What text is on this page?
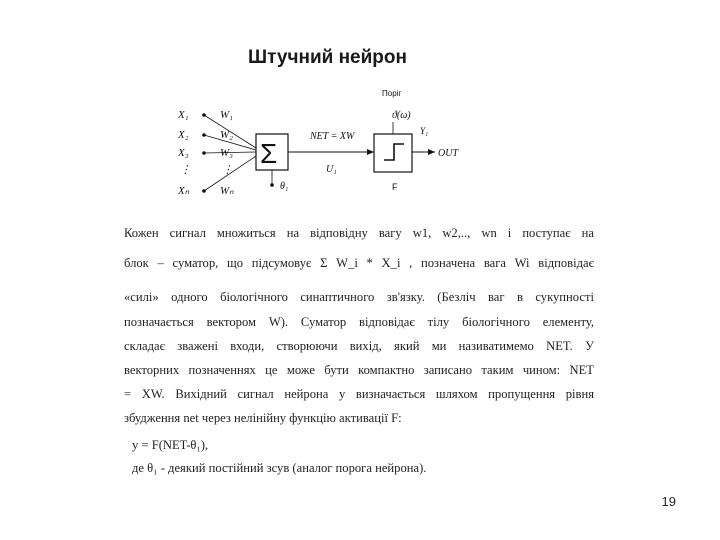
Штучний нейрон
Поріг
ϑ(ω)
X₁
X₂
X₃
⋮
Xₙ
W₁
W₂
W₃
⋮
Wₙ
Σ
θ₁
NET = XW
U₁
F
Y₁
OUT
Кожен сигнал множиться на відповідну вагу w1, w2,.., wn і поступає на
блок – суматор, що підсумовує Σ W_i * X_i , позначена вага Wi відповідає
«силі» одного біологічного синаптичного зв'язку. (Безліч ваг в сукупності
позначається вектором W). Суматор відповідає тілу біологічного елементу,
складає зважені входи, створюючи вихід, який ми називатимемо NET. У
векторних позначеннях це може бути компактно записано таким чином: NET
= XW. Вихідний сигнал нейрона у визначається шляхом пропущення рівня
збудження net через нелінійну функцію активації F:
y = F(NET-θ₁),
де θ₁ - деякий постійний зсув (аналог порога нейрона).
19
